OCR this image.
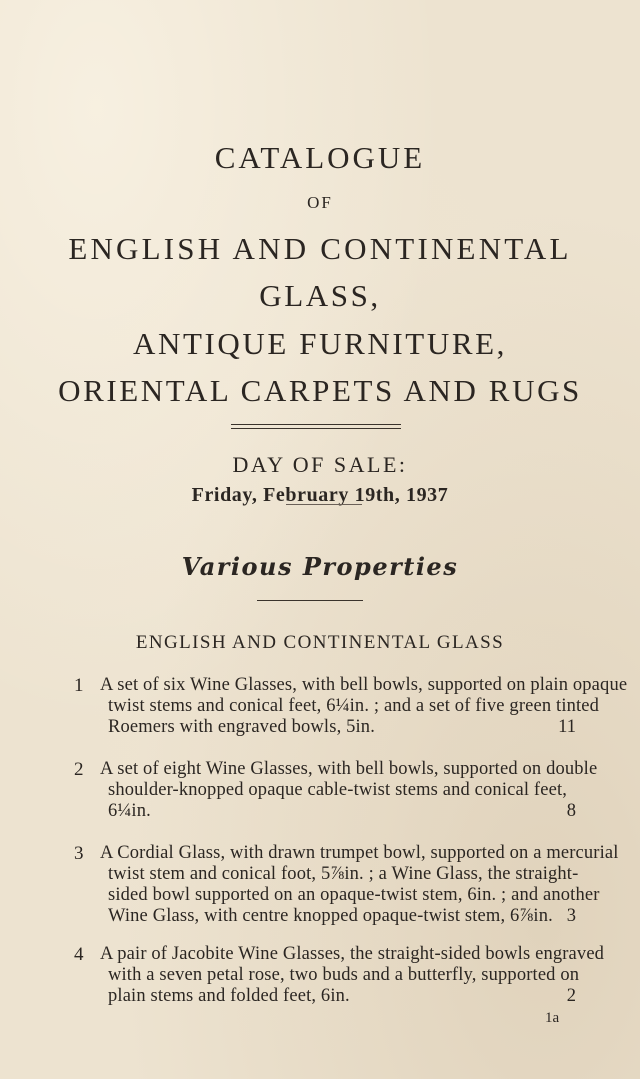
CATALOGUE
OF
ENGLISH AND CONTINENTAL
GLASS,
ANTIQUE FURNITURE,
ORIENTAL CARPETS AND RUGS
DAY OF SALE:
Friday, February 19th, 1937
Various Properties
ENGLISH AND CONTINENTAL GLASS
1 A set of six Wine Glasses, with bell bowls, supported on plain opaque
twist stems and conical feet, 6¼in. ; and a set of five green tinted
Roemers with engraved bowls, 5in.	11
2 A set of eight Wine Glasses, with bell bowls, supported on double
shoulder-knopped opaque cable-twist stems and conical feet,
6¼in.	8
3 A Cordial Glass, with drawn trumpet bowl, supported on a mercurial
twist stem and conical foot, 5⅞in. ; a Wine Glass, the straight-
sided bowl supported on an opaque-twist stem, 6in. ; and another
Wine Glass, with centre knopped opaque-twist stem, 6⅞in. 3
4 A pair of Jacobite Wine Glasses, the straight-sided bowls engraved
with a seven petal rose, two buds and a butterfly, supported on
plain stems and folded feet, 6in.	2
1a
